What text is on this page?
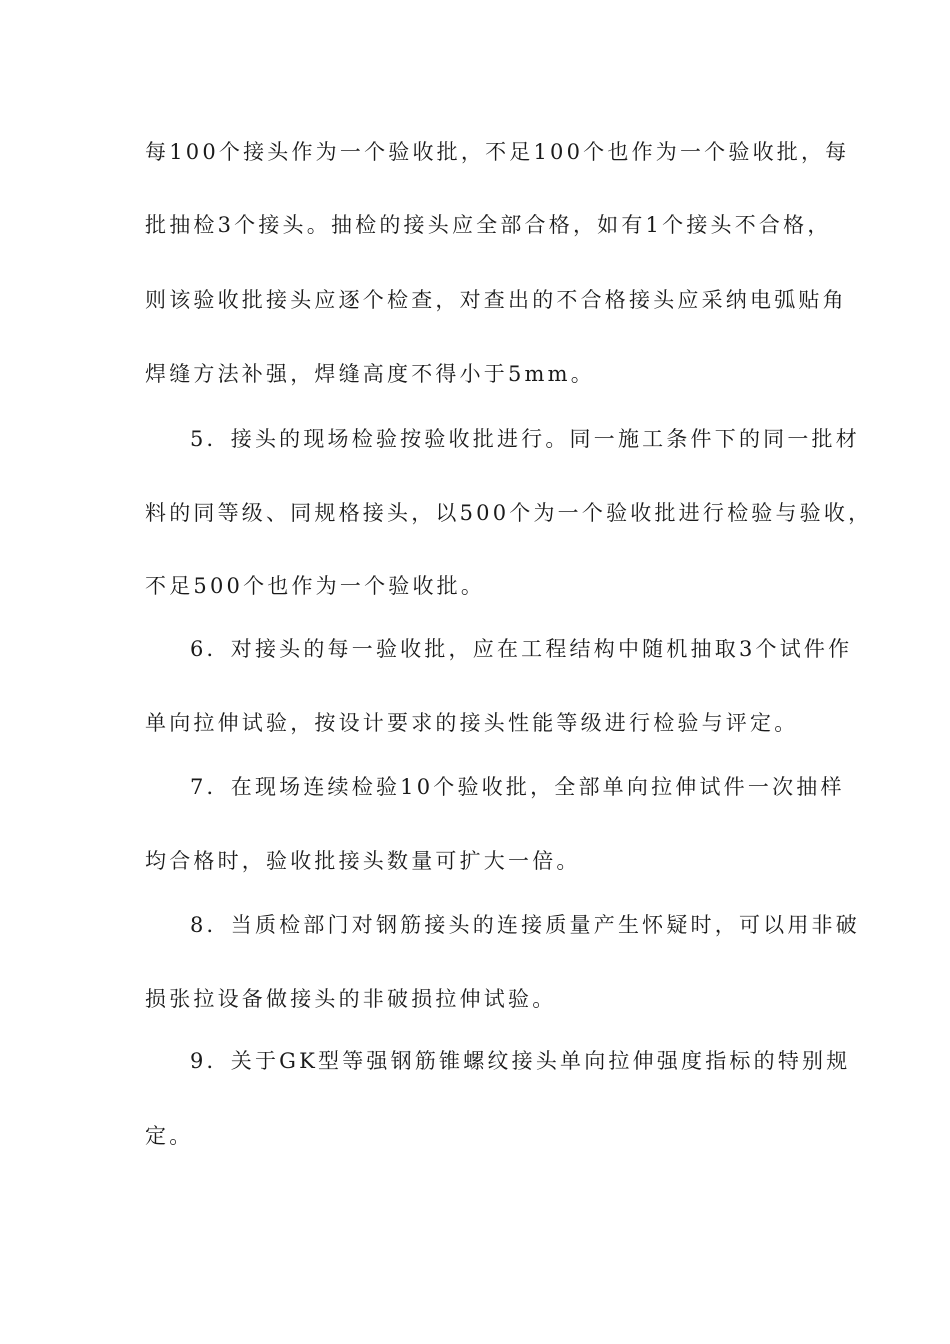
每100个接头作为一个验收批，不足100个也作为一个验收批，每
批抽检3个接头。抽检的接头应全部合格，如有1个接头不合格，
则该验收批接头应逐个检查，对查出的不合格接头应采纳电弧贴角
焊缝方法补强，焊缝高度不得小于5mm。
5．接头的现场检验按验收批进行。同一施工条件下的同一批材
料的同等级、同规格接头，以500个为一个验收批进行检验与验收，
不足500个也作为一个验收批。
6．对接头的每一验收批，应在工程结构中随机抽取3个试件作
单向拉伸试验，按设计要求的接头性能等级进行检验与评定。
7．在现场连续检验10个验收批，全部单向拉伸试件一次抽样
均合格时，验收批接头数量可扩大一倍。
8．当质检部门对钢筋接头的连接质量产生怀疑时，可以用非破
损张拉设备做接头的非破损拉伸试验。
9．关于GK型等强钢筋锥螺纹接头单向拉伸强度指标的特别规
定。
